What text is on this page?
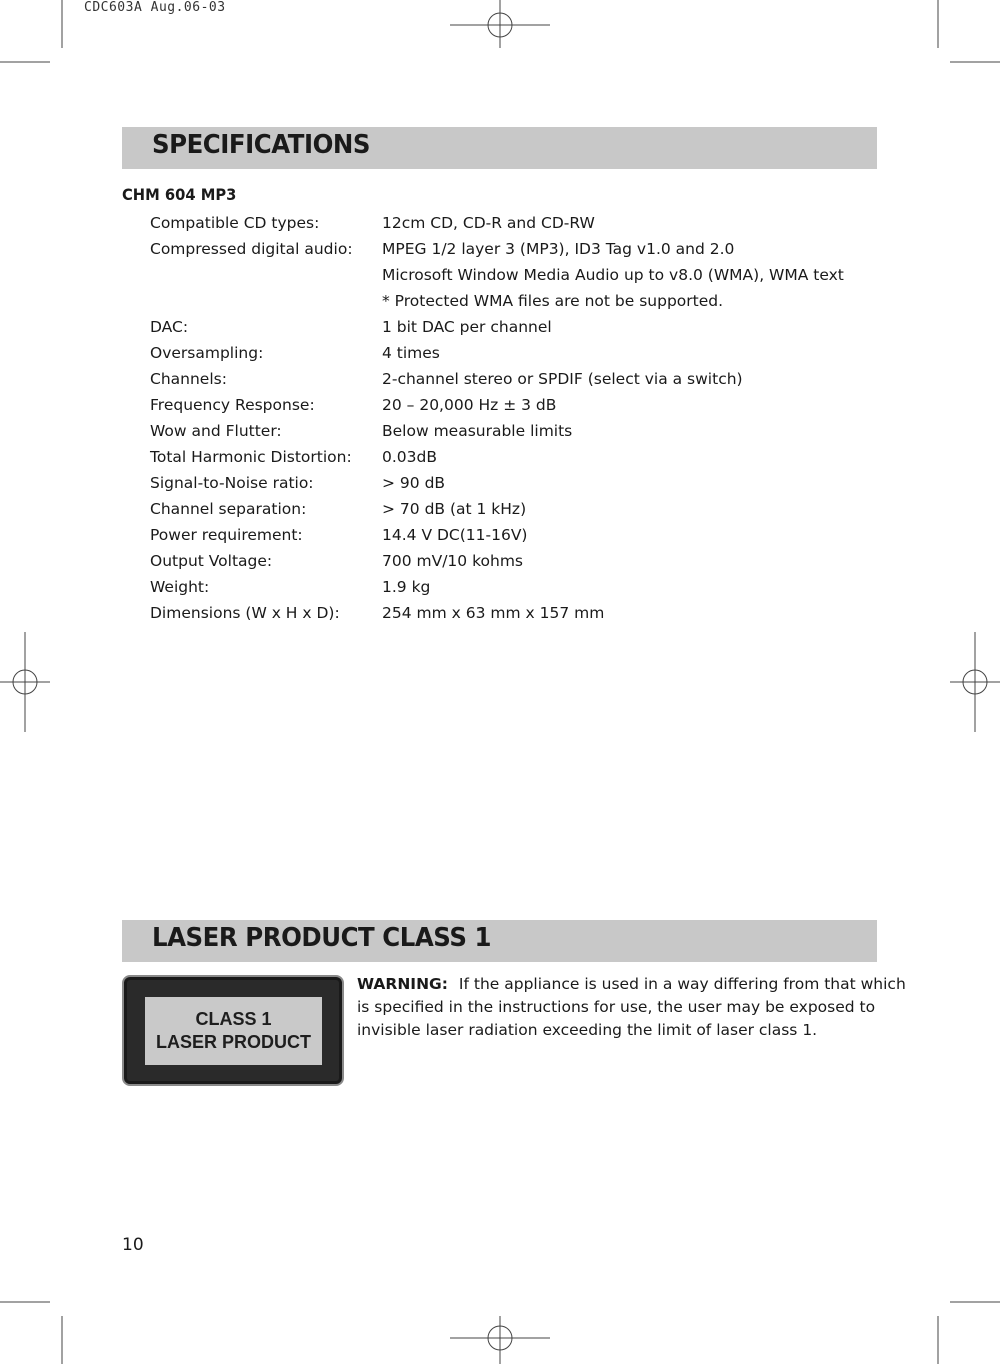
CDC603A Aug.06-03
SPECIFICATIONS
CHM 604 MP3
Compatible CD types:	12cm CD, CD-R and CD-RW
Compressed digital audio:	MPEG 1/2 layer 3 (MP3), ID3 Tag v1.0 and 2.0
Microsoft Window Media Audio up to v8.0 (WMA), WMA text
* Protected WMA files are not be supported.
DAC:	1 bit DAC per channel
Oversampling:	4 times
Channels:	2-channel stereo or SPDIF (select via a switch)
Frequency Response:	20 – 20,000 Hz ± 3 dB
Wow and Flutter:	Below measurable limits
Total Harmonic Distortion:	0.03dB
Signal-to-Noise ratio:	> 90 dB
Channel separation:	> 70 dB (at 1 kHz)
Power requirement:	14.4 V DC(11-16V)
Output Voltage:	700 mV/10 kohms
Weight:	1.9 kg
Dimensions (W x H x D):	254 mm x 63 mm x 157 mm
LASER PRODUCT CLASS 1
CLASS 1
LASER PRODUCT
WARNING: If the appliance is used in a way differing from that which
is specified in the instructions for use, the user may be exposed to
invisible laser radiation exceeding the limit of laser class 1.
10
